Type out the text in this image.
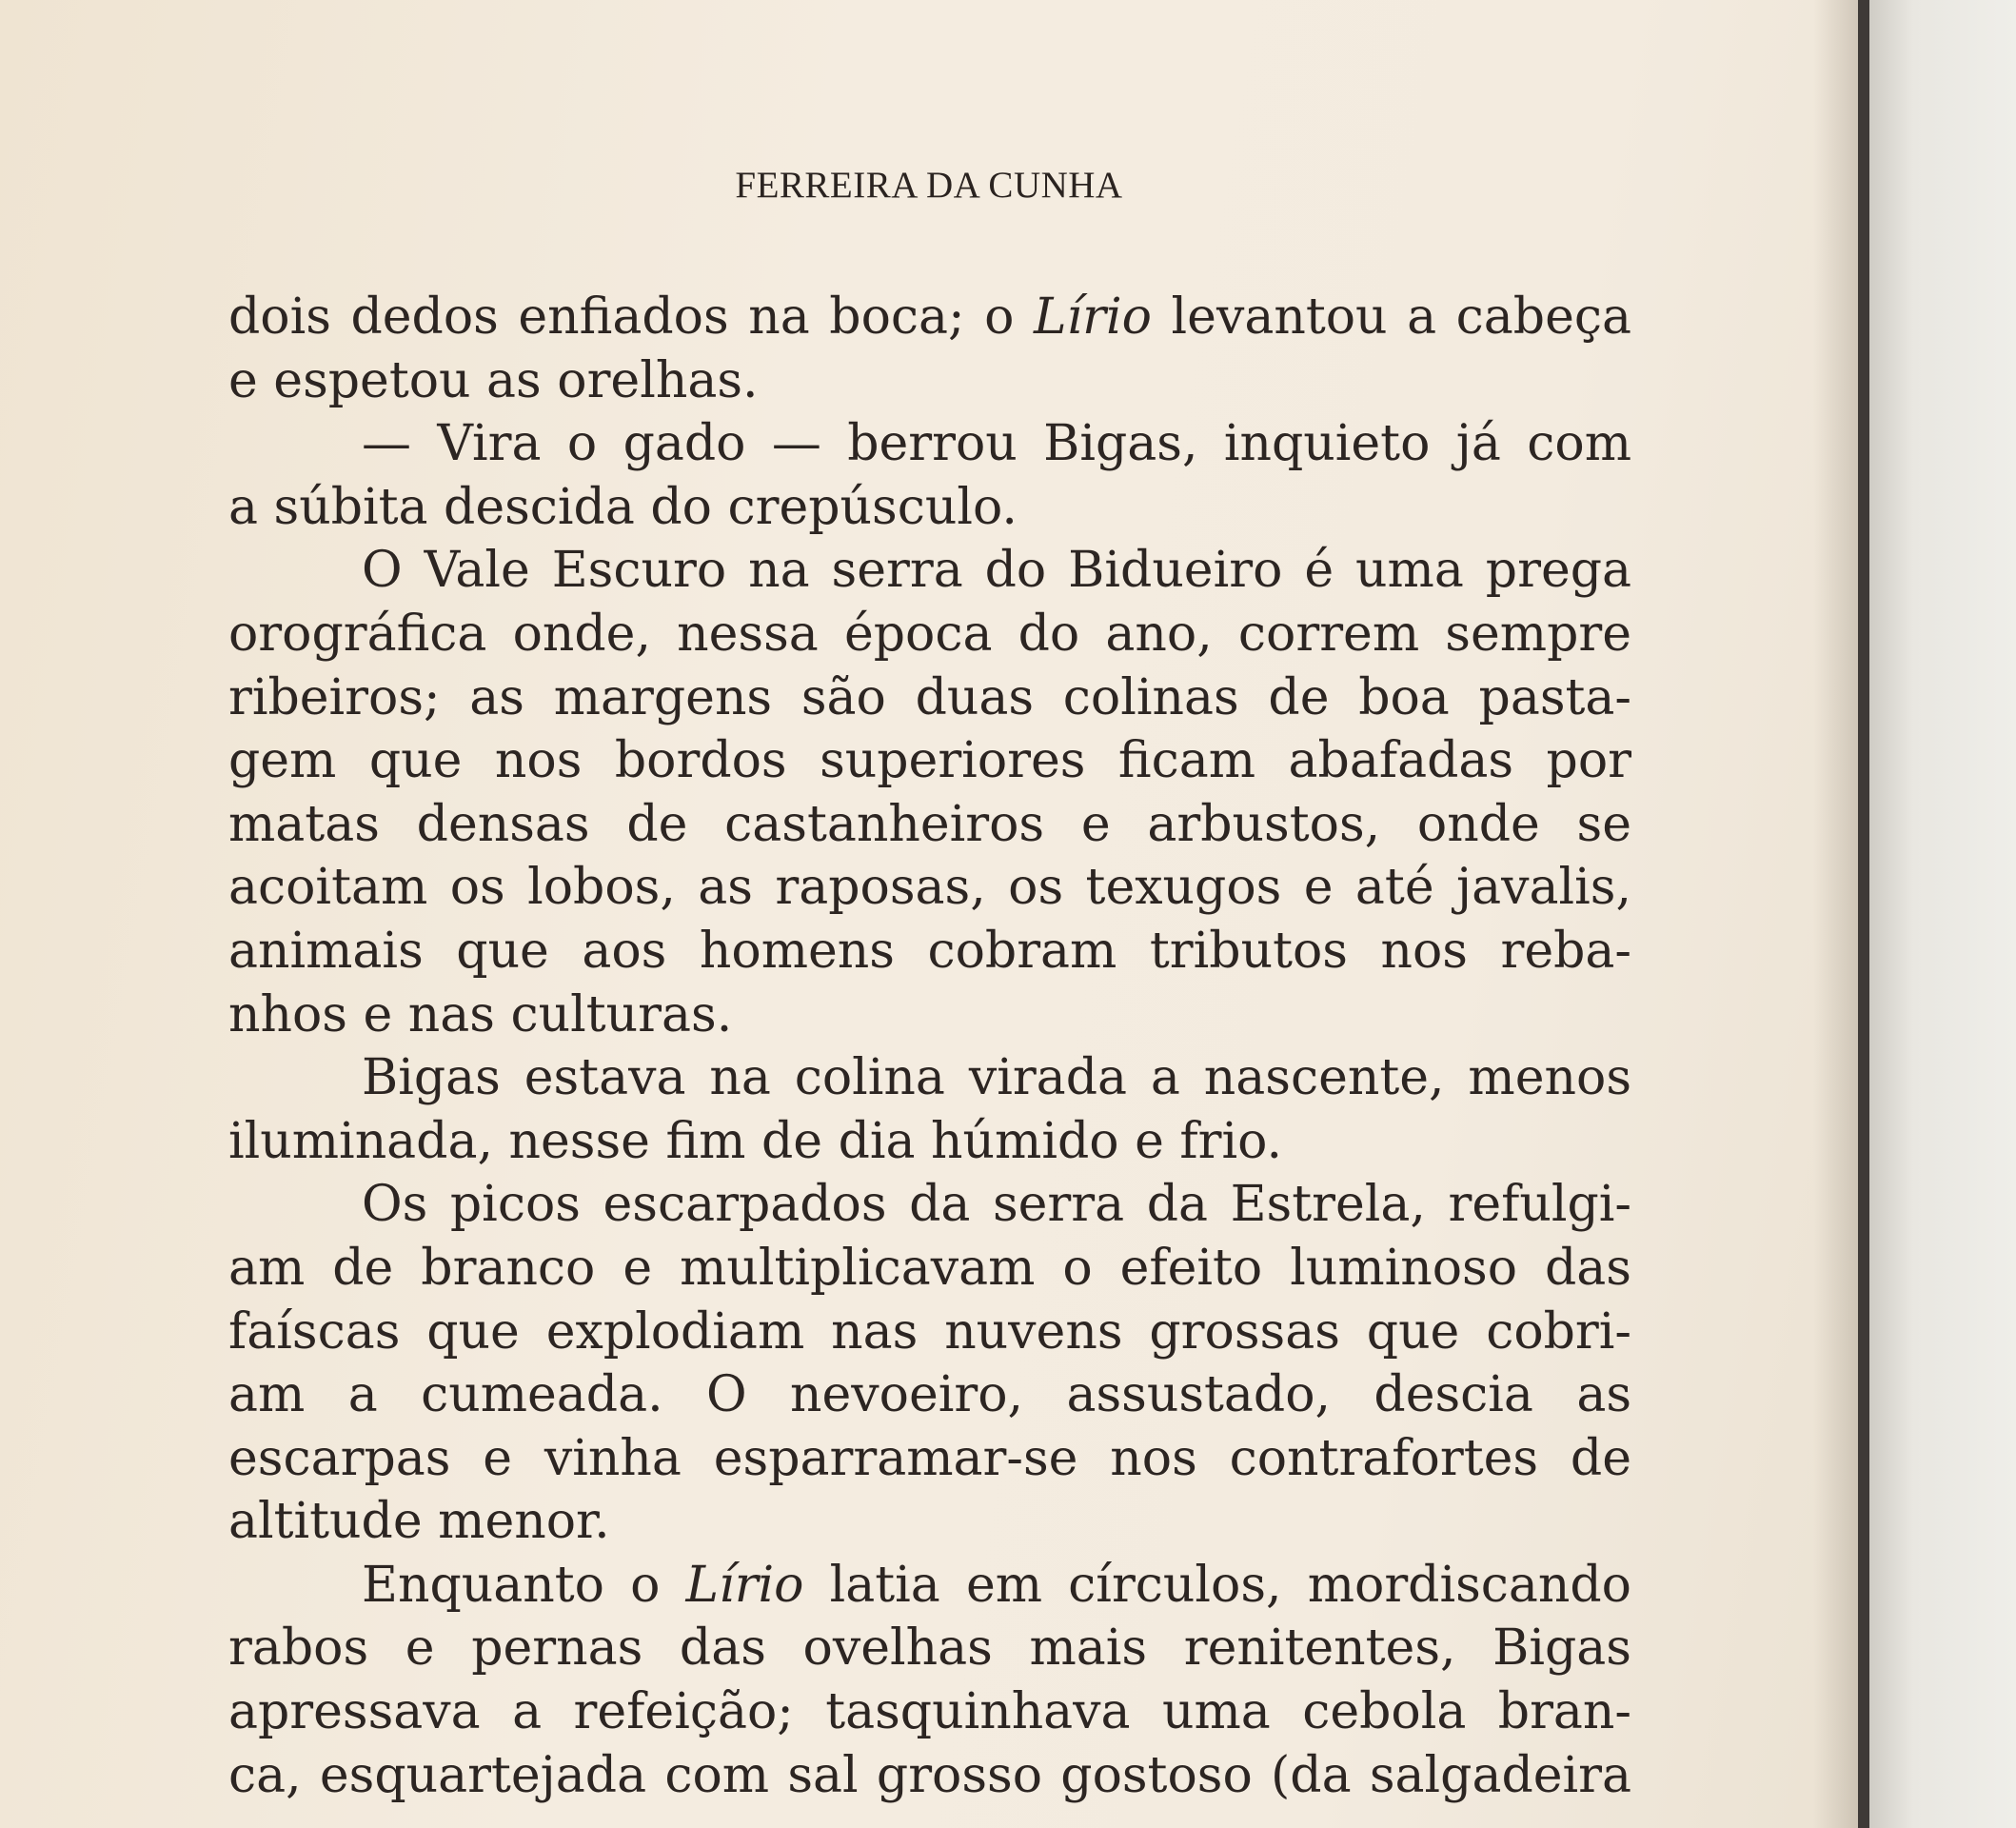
FERREIRA DA CUNHA
dois dedos enfiados na boca; o Lírio levantou a cabeça
e espetou as orelhas.
— Vira o gado — berrou Bigas, inquieto já com
a súbita descida do crepúsculo.
O Vale Escuro na serra do Bidueiro é uma prega
orográfica onde, nessa época do ano, correm sempre
ribeiros; as margens são duas colinas de boa pasta-
gem que nos bordos superiores ficam abafadas por
matas densas de castanheiros e arbustos, onde se
acoitam os lobos, as raposas, os texugos e até javalis,
animais que aos homens cobram tributos nos reba-
nhos e nas culturas.
Bigas estava na colina virada a nascente, menos
iluminada, nesse fim de dia húmido e frio.
Os picos escarpados da serra da Estrela, refulgi-
am de branco e multiplicavam o efeito luminoso das
faíscas que explodiam nas nuvens grossas que cobri-
am a cumeada. O nevoeiro, assustado, descia as
escarpas e vinha esparramar-se nos contrafortes de
altitude menor.
Enquanto o Lírio latia em círculos, mordiscando
rabos e pernas das ovelhas mais renitentes, Bigas
apressava a refeição; tasquinhava uma cebola bran-
ca, esquartejada com sal grosso gostoso (da salgadeira
